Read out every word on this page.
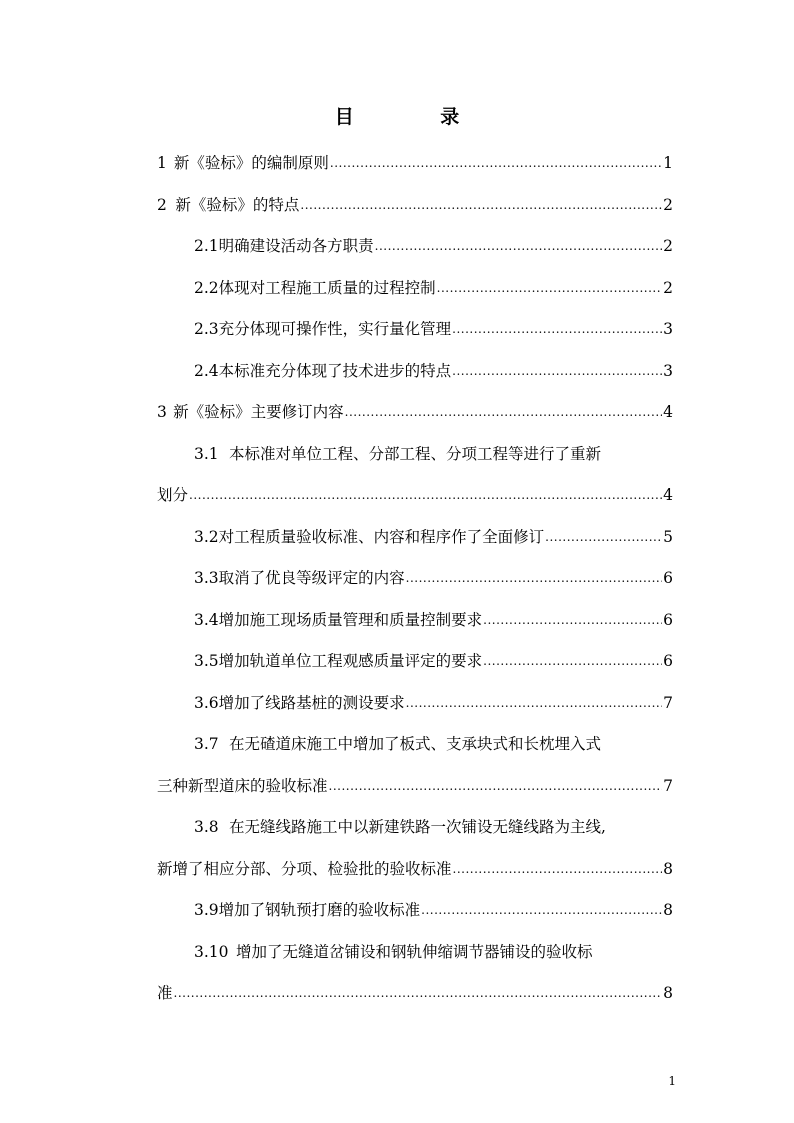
目 录
1 新《验标》的编制原则 .....	1
2 新《验标》的特点 .....	2
2.1 明确建设活动各方职责 .....	2
2.2 体现对工程施工质量的过程控制 .....	2
2.3 充分体现可操作性，实行量化管理 .....	3
2.4 本标准充分体现了技术进步的特点 .....	3
3 新《验标》主要修订内容 .....	4
3.1 本标准对单位工程、分部工程、分项工程等进行了重新
划分 .....	4
3.2 对工程质量验收标准、内容和程序作了全面修订 .....	5
3.3 取消了优良等级评定的内容 .....	6
3.4 增加施工现场质量管理和质量控制要求 .....	6
3.5 增加轨道单位工程观感质量评定的要求 .....	6
3.6 增加了线路基桩的测设要求 .....	7
3.7 在无碴道床施工中增加了板式、支承块式和长枕埋入式
三种新型道床的验收标准 .....	7
3.8 在无缝线路施工中以新建铁路一次铺设无缝线路为主线,
新增了相应分部、分项、检验批的验收标准 .....	8
3.9 增加了钢轨预打磨的验收标准 .....	8
3.10 增加了无缝道岔铺设和钢轨伸缩调节器铺设的验收标
准 .....	8
1
